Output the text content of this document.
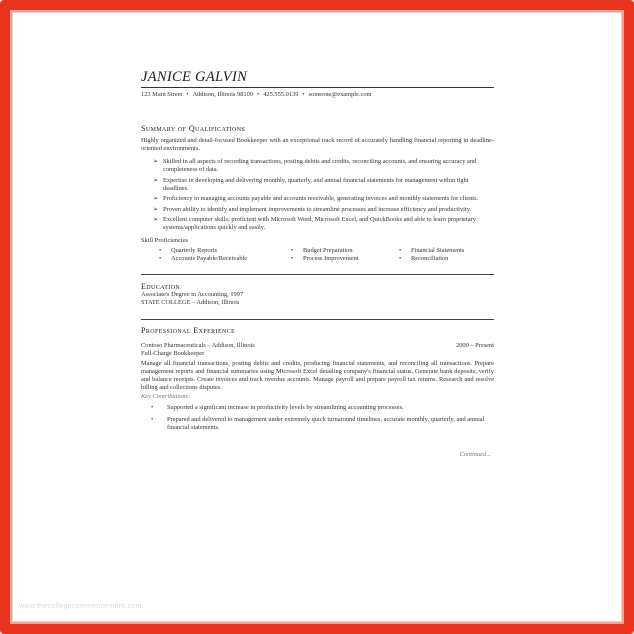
JANICE GALVIN
123 Main Street • Addison, Illinois 98109 • 425.555.0139 • someone@example.com
Summary of Qualifications
Highly organized and detail-focused Bookkeeper with an exceptional track record of accurately handling financial reporting in deadline-oriented environments.
➢ Skilled in all aspects of recording transactions, posting debits and credits, reconciling accounts, and ensuring accuracy and completeness of data.
➢ Expertise in developing and delivering monthly, quarterly, and annual financial statements for management within tight deadlines.
➢ Proficiency in managing accounts payable and accounts receivable, generating invoices and monthly statements for clients.
➢ Proven ability to identify and implement improvements to streamline processes and increase efficiency and productivity.
➢ Excellent computer skills; proficient with Microsoft Word, Microsoft Excel, and QuickBooks and able to learn proprietary systems/applications quickly and easily.
Skill Proficiencies
• Quarterly Reports	• Budget Preparation	• Financial Statements
• Accounts Payable/Receivable	• Process Improvement	• Reconciliation
Education
Associate's Degree in Accounting, 1997
STATE COLLEGE – Addison, Illinois
Professional Experience
Contoso Pharmaceuticals – Addison, Illinois	2000 – Present
Full-Charge Bookkeeper
Manage all financial transactions, posting debits and credits, producing financial statements, and reconciling all transactions. Prepare management reports and financial summaries using Microsoft Excel detailing company's financial status. Generate bank deposits, verify and balance receipts. Create invoices and track overdue accounts. Manage payroll and prepare payroll tax returns. Research and resolve billing and collections disputes.
Key Contributions:
• Supported a significant increase in productivity levels by streamlining accounting processes.
• Prepared and delivered to management under extremely quick turnaround timelines, accurate monthly, quarterly, and annual financial statements.
Continued...
www.thecollegecommencement.com
